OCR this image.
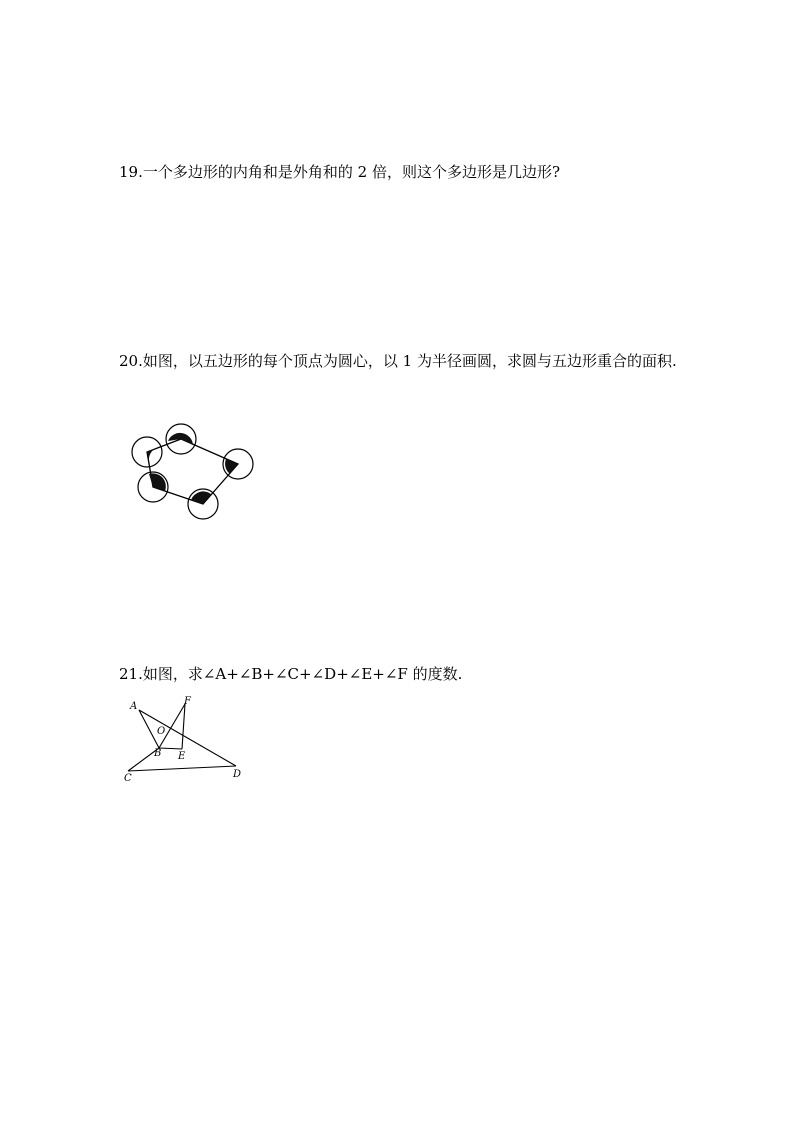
19.一个多边形的内角和是外角和的 2 倍，则这个多边形是几边形?
20.如图，以五边形的每个顶点为圆心，以 1 为半径画圆，求圆与五边形重合的面积.
21.如图，求∠A+∠B+∠C+∠D+∠E+∠F 的度数.
A	F
O
B E
C	D
